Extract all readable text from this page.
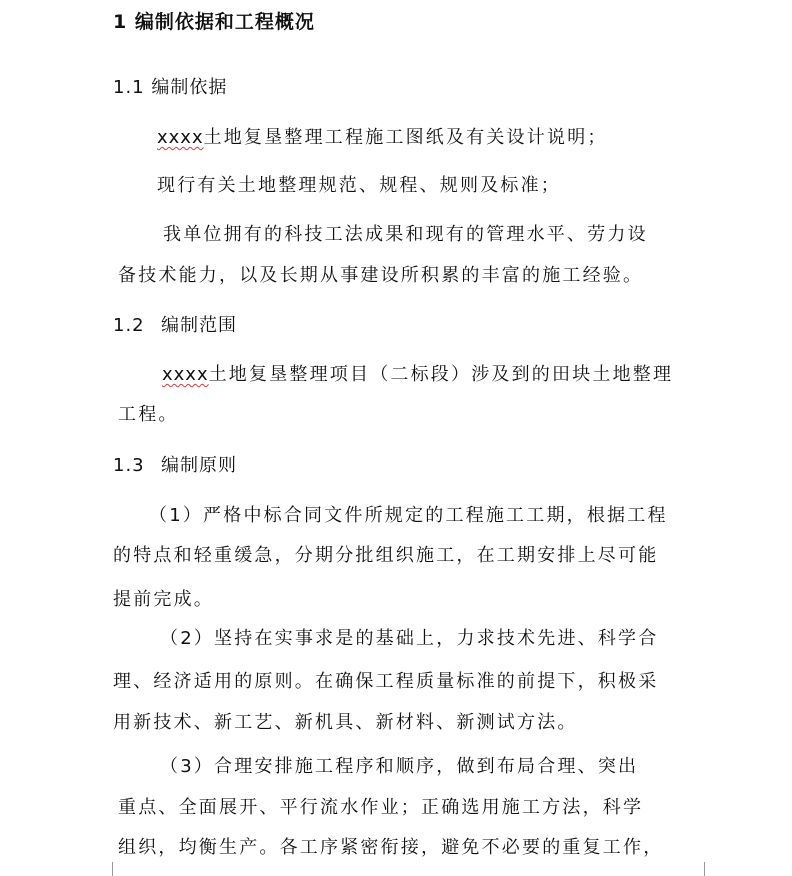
1 编制依据和工程概况
1.1 编制依据
xxxx土地复垦整理工程施工图纸及有关设计说明；
现行有关土地整理规范、规程、规则及标准；
我单位拥有的科技工法成果和现有的管理水平、劳力设
备技术能力，以及长期从事建设所积累的丰富的施工经验。
1.2 编制范围
xxxx土地复垦整理项目（二标段）涉及到的田块土地整理
工程。
1.3 编制原则
（1）严格中标合同文件所规定的工程施工工期，根据工程
的特点和轻重缓急，分期分批组织施工，在工期安排上尽可能
提前完成。
（2）坚持在实事求是的基础上，力求技术先进、科学合
理、经济适用的原则。在确保工程质量标准的前提下，积极采
用新技术、新工艺、新机具、新材料、新测试方法。
（3）合理安排施工程序和顺序，做到布局合理、突出
重点、全面展开、平行流水作业；正确选用施工方法，科学
组织，均衡生产。各工序紧密衔接，避免不必要的重复工作，
